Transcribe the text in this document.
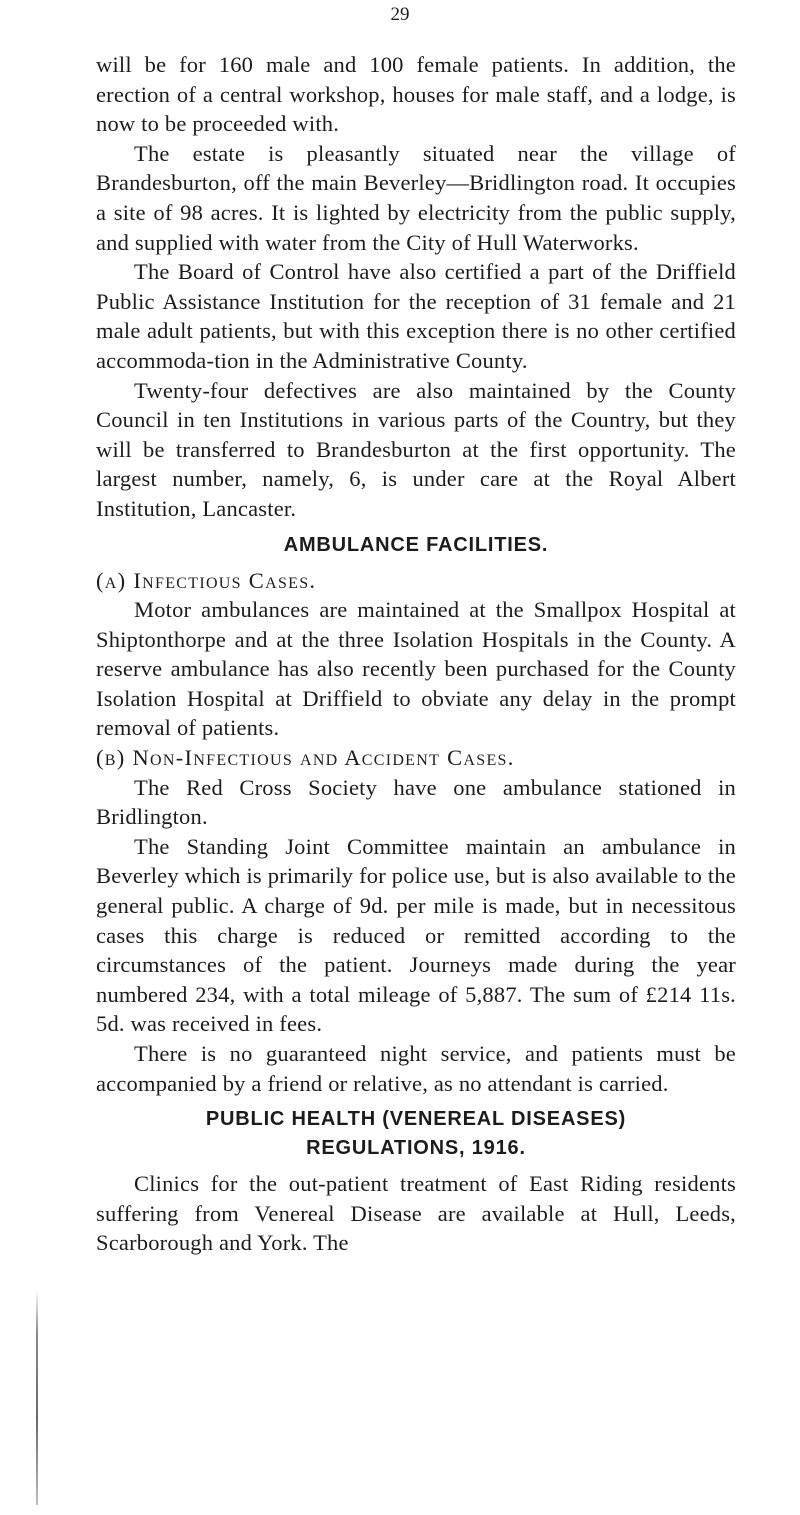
29

will be for 160 male and 100 female patients. In addition, the erection of a central workshop, houses for male staff, and a lodge, is now to be proceeded with.

The estate is pleasantly situated near the village of Brandesburton, off the main Beverley—Bridlington road. It occupies a site of 98 acres. It is lighted by electricity from the public supply, and supplied with water from the City of Hull Waterworks.

The Board of Control have also certified a part of the Driffield Public Assistance Institution for the reception of 31 female and 21 male adult patients, but with this exception there is no other certified accommoda-tion in the Administrative County.

Twenty-four defectives are also maintained by the County Council in ten Institutions in various parts of the Country, but they will be transferred to Brandesburton at the first opportunity. The largest number, namely, 6, is under care at the Royal Albert Institution, Lancaster.

AMBULANCE FACILITIES.

(a) Infectious Cases.

Motor ambulances are maintained at the Smallpox Hospital at Shiptonthorpe and at the three Isolation Hospitals in the County. A reserve ambulance has also recently been purchased for the County Isolation Hospital at Driffield to obviate any delay in the prompt removal of patients.

(b) Non-Infectious and Accident Cases.

The Red Cross Society have one ambulance stationed in Bridlington.

The Standing Joint Committee maintain an ambulance in Beverley which is primarily for police use, but is also available to the general public. A charge of 9d. per mile is made, but in necessitous cases this charge is reduced or remitted according to the circumstances of the patient. Journeys made during the year numbered 234, with a total mileage of 5,887. The sum of £214 11s. 5d. was received in fees.

There is no guaranteed night service, and patients must be accompanied by a friend or relative, as no attendant is carried.

PUBLIC HEALTH (VENEREAL DISEASES)
REGULATIONS, 1916.

Clinics for the out-patient treatment of East Riding residents suffering from Venereal Disease are available at Hull, Leeds, Scarborough and York. The
